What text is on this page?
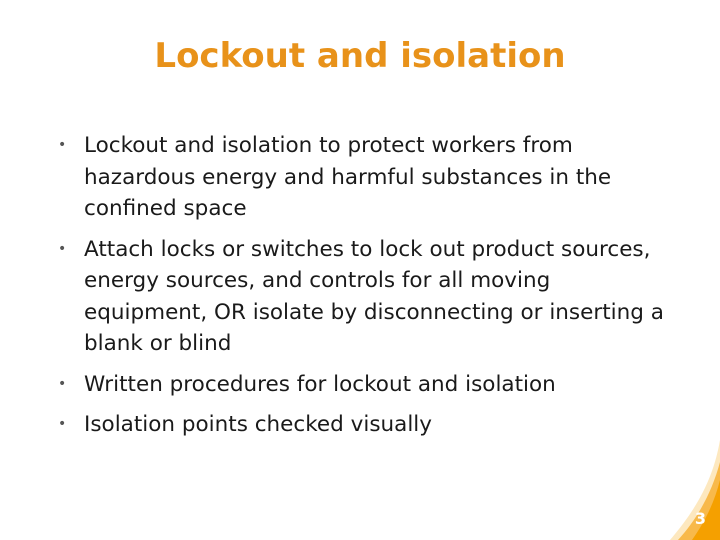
Lockout and isolation
• Lockout and isolation to protect workers from hazardous energy and harmful substances in the confined space
• Attach locks or switches to lock out product sources, energy sources, and controls for all moving equipment, OR isolate by disconnecting or inserting a blank or blind
• Written procedures for lockout and isolation
• Isolation points checked visually
3
